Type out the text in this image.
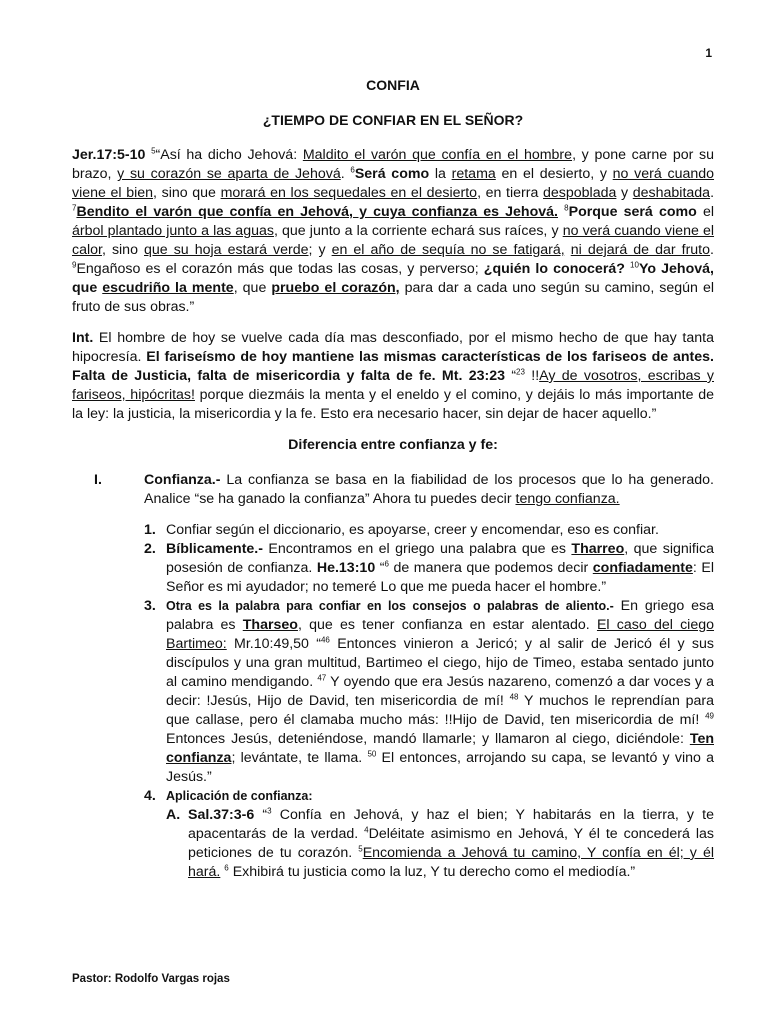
1
CONFIA
¿TIEMPO DE CONFIAR EN EL SEÑOR?

Jer.17:5-10 $^5$“Así ha dicho Jehová: Maldito el varón que confía en el hombre, y pone carne por su brazo, y su corazón se aparta de Jehová. $^6$Será como la retama en el desierto, y no verá cuando viene el bien, sino que morará en los sequedales en el desierto, en tierra despoblada y deshabitada. $^7$Bendito el varón que confía en Jehová, y cuya confianza es Jehová. $^8$Porque será como el árbol plantado junto a las aguas, que junto a la corriente echará sus raíces, y no verá cuando viene el calor, sino que su hoja estará verde; y en el año de sequía no se fatigará, ni dejará de dar fruto. $^9$Engañoso es el corazón más que todas las cosas, y perverso; ¿quién lo conocerá? $^{10}$Yo Jehová, que escudriño la mente, que pruebo el corazón, para dar a cada uno según su camino, según el fruto de sus obras.”

Int. El hombre de hoy se vuelve cada día mas desconfiado, por el mismo hecho de que hay tanta hipocresía. El fariseísmo de hoy mantiene las mismas características de los fariseos de antes. Falta de Justicia, falta de misericordia y falta de fe. Mt. 23:23 “$^{23}$ !!Ay de vosotros, escribas y fariseos, hipócritas! porque diezmáis la menta y el eneldo y el comino, y dejáis lo más importante de la ley: la justicia, la misericordia y la fe. Esto era necesario hacer, sin dejar de hacer aquello.”

Diferencia entre confianza y fe:
I.	Confianza.- La confianza se basa en la fiabilidad de los procesos que lo ha generado. Analice “se ha ganado la confianza” Ahora tu puedes decir tengo confianza.
1. Confiar según el diccionario, es apoyarse, creer y encomendar, eso es confiar.
2. Bíblicamente.- Encontramos en el griego una palabra que es Tharreo, que significa posesión de confianza. He.13:10 “$^6$ de manera que podemos decir confiadamente: El Señor es mi ayudador; no temeré Lo que me pueda hacer el hombre.”
3. Otra es la palabra para confiar en los consejos o palabras de aliento.- En griego esa palabra es Tharseo, que es tener confianza en estar alentado. El caso del ciego Bartimeo: Mr.10:49,50 “$^{46}$ Entonces vinieron a Jericó; y al salir de Jericó él y sus discípulos y una gran multitud, Bartimeo el ciego, hijo de Timeo, estaba sentado junto al camino mendigando. $^{47}$ Y oyendo que era Jesús nazareno, comenzó a dar voces y a decir: !Jesús, Hijo de David, ten misericordia de mí! $^{48}$ Y muchos le reprendían para que callase, pero él clamaba mucho más: !!Hijo de David, ten misericordia de mí! $^{49}$ Entonces Jesús, deteniéndose, mandó llamarle; y llamaron al ciego, diciéndole: Ten confianza; levántate, te llama. $^{50}$ El entonces, arrojando su capa, se levantó y vino a Jesús.”
4. Aplicación de confianza:
A. Sal.37:3-6 “$^3$ Confía en Jehová, y haz el bien; Y habitarás en la tierra, y te apacentarás de la verdad. $^4$Deléitate asimismo en Jehová, Y él te concederá las peticiones de tu corazón. $^5$Encomienda a Jehová tu camino, Y confía en él; y él hará. $^6$ Exhibirá tu justicia como la luz, Y tu derecho como el mediodía.”
Pastor: Rodolfo Vargas rojas
